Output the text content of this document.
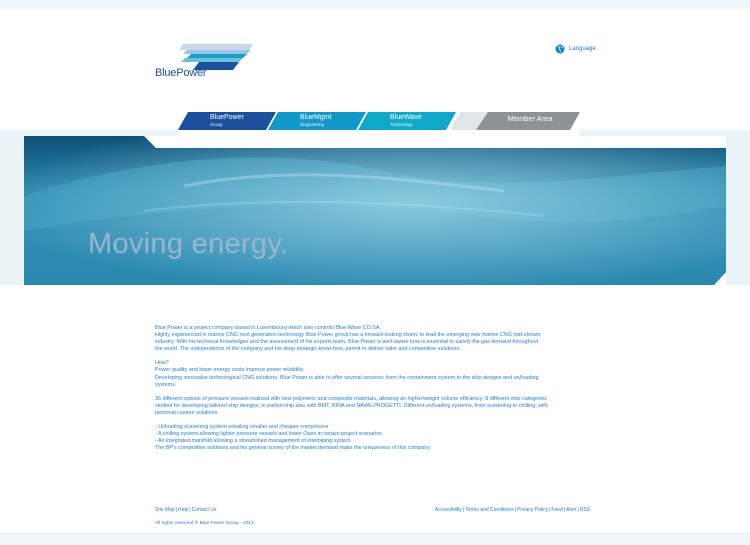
BluePower
Language
BluePower
Group
BlueMgmt
Engineering
BlueWave
Technology
Member Area
Moving energy.

Blue Power is a project company based in Luxembourg which also controls Blue Wave CO.SA.
Highly experienced in marine CNG next generation technology Blue Power group has a forward-looking vision: to lead the emerging new marine CNG mid-stream
industry. With his technical knowledges and the assessment of his experts team, Blue Power is well-aware how is essential to satisfy the gas demand throughout
the world. The independence of the company and his deep strategic know-how, permit to deliver tailor and competitive solutions.

How?
Power quality and lower energy costs improve power reliability.
Developing innovative technological CNG solutions, Blue Power is able to offer several services: from the containment system to the ship designs and un/loading
systems.

36 different options of pressure vessels realized with new polymeric and composite materials, allowing an higher/weight volume efficiency; 8 different ship categories
studied for developing tailored ship designs, in partnership also with BMT, RINA and NAVALPROGETTI. Different un/loading systems, from scavening to chilling, with
personal custom solutions:

- Unloading scavening system entailing smaller and cheaper compressor
- A chilling system allowing lighter pressure vessels and lower Opex in certain project scenarios
- An integrated manifold allowing a streamlined management of interpiping system.
The BP's competitive solutions and his general survey of the market demand make the uniqueness of this company.

Site Map|Help|Contact Us	Accessibility|Terms and Conditions|Privacy Policy|Feed|Alert|RSS
All rights reserved ® Blue Power Group - 2013
